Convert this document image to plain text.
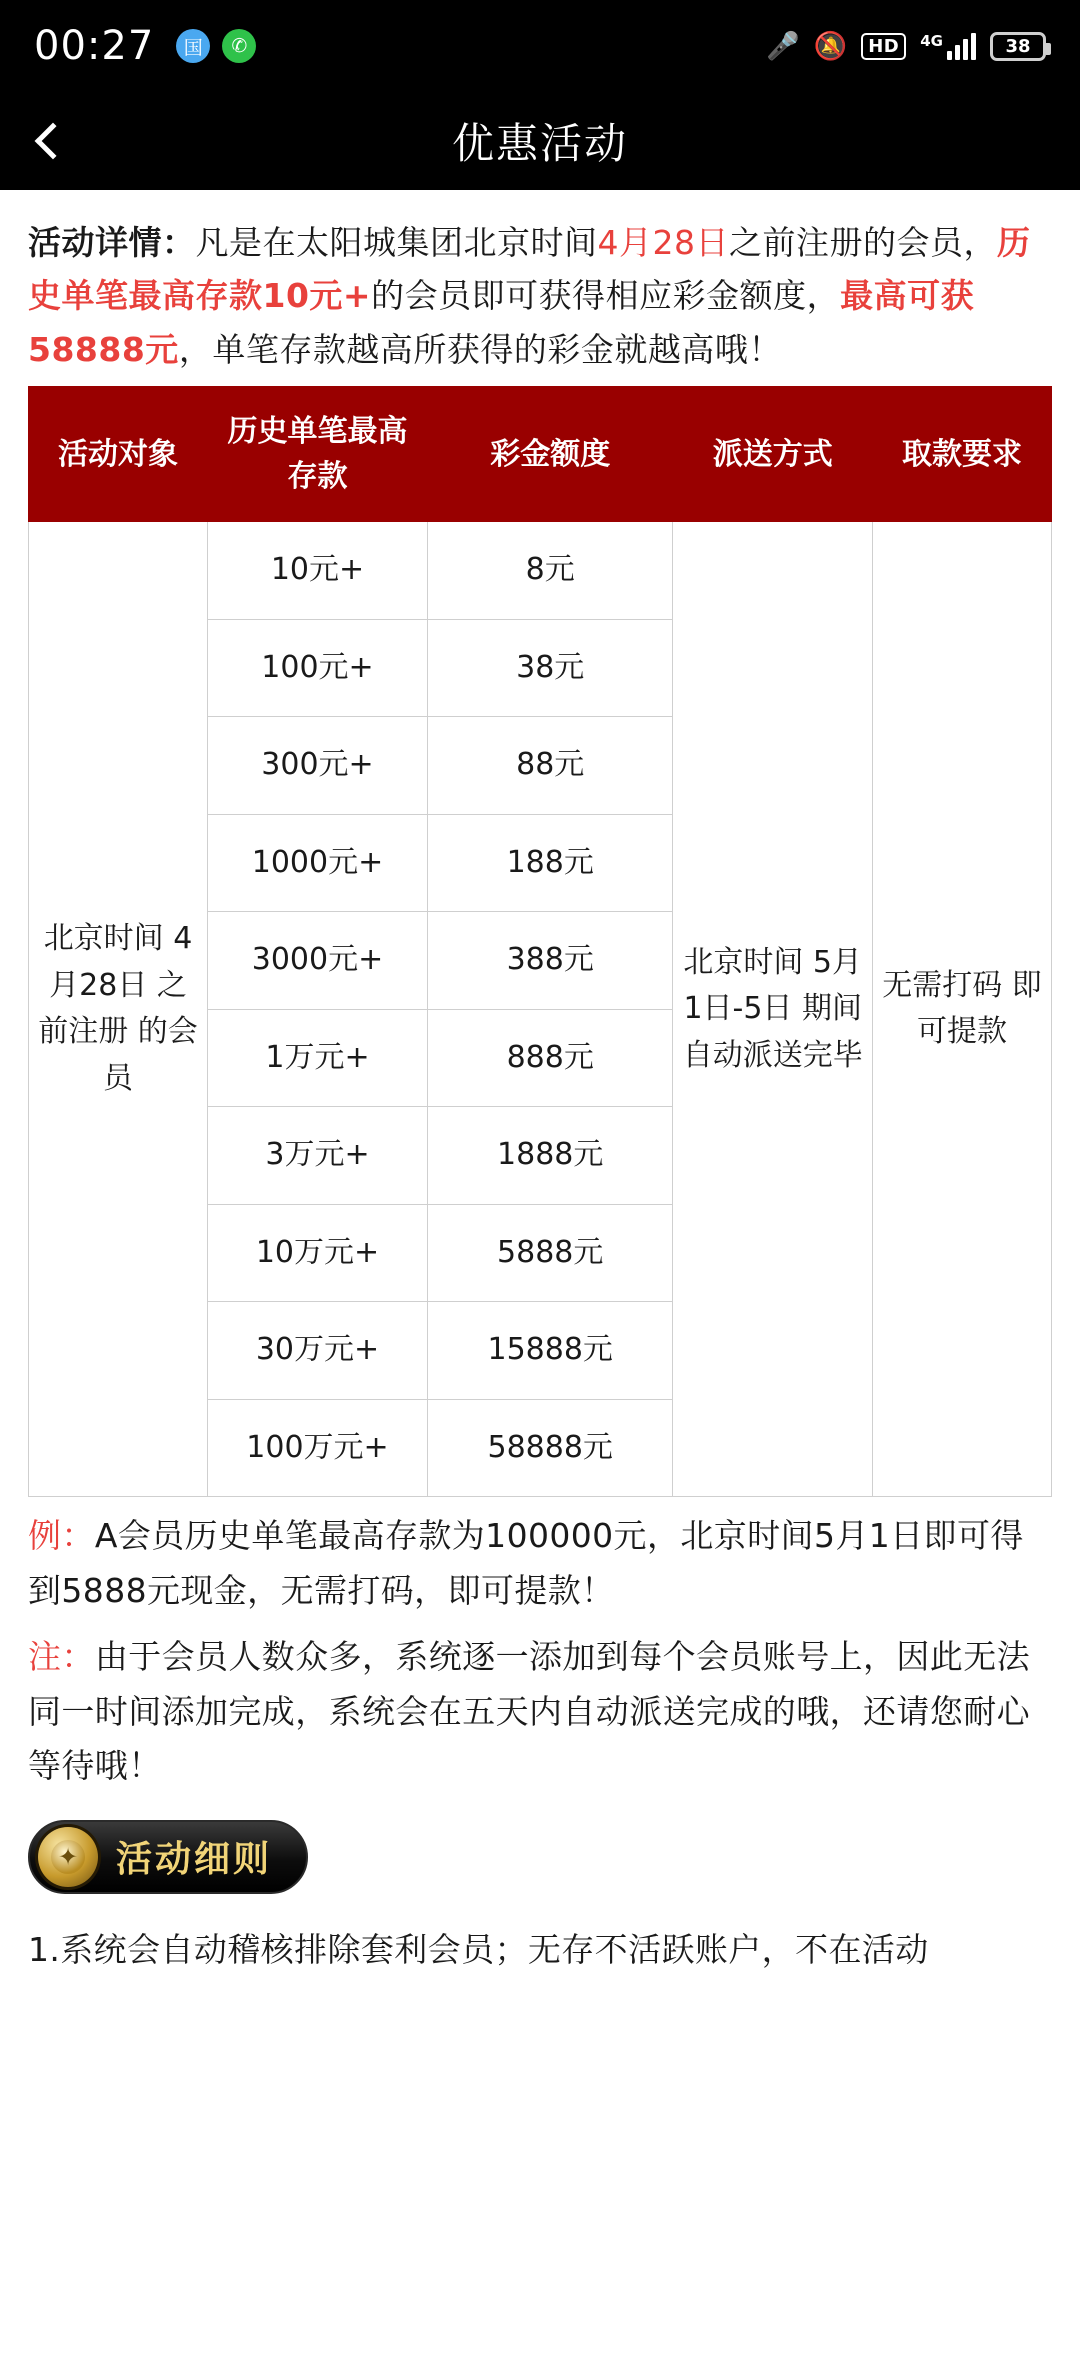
00:27	国	✆	🎤 🔕	HD	4G	38
优惠活动

活动详情：凡是在太阳城集团北京时间4月28日之前注册的会员，历史单笔最高存款10元+的会员即可获得相应彩金额度，最高可获58888元，单笔存款越高所获得的彩金就越高哦！

活动对象	历史单笔最高存款	彩金额度	派送方式	取款要求
北京时间 4月28日 之前注册 的会员	10元+	8元	北京时间 5月1日-5日 期间自动派送完毕	无需打码 即可提款
	100元+	38元		
	300元+	88元		
	1000元+	188元		
	3000元+	388元		
	1万元+	888元		
	3万元+	1888元		
	10万元+	5888元		
	30万元+	15888元		
	100万元+	58888元		

例：A会员历史单笔最高存款为100000元，北京时间5月1日即可得到5888元现金，无需打码，即可提款！

注：由于会员人数众多，系统逐一添加到每个会员账号上，因此无法同一时间添加完成，系统会在五天内自动派送完成的哦，还请您耐心等待哦！

✦
活动细则

1.系统会自动稽核排除套利会员；无存不活跃账户，不在活动
